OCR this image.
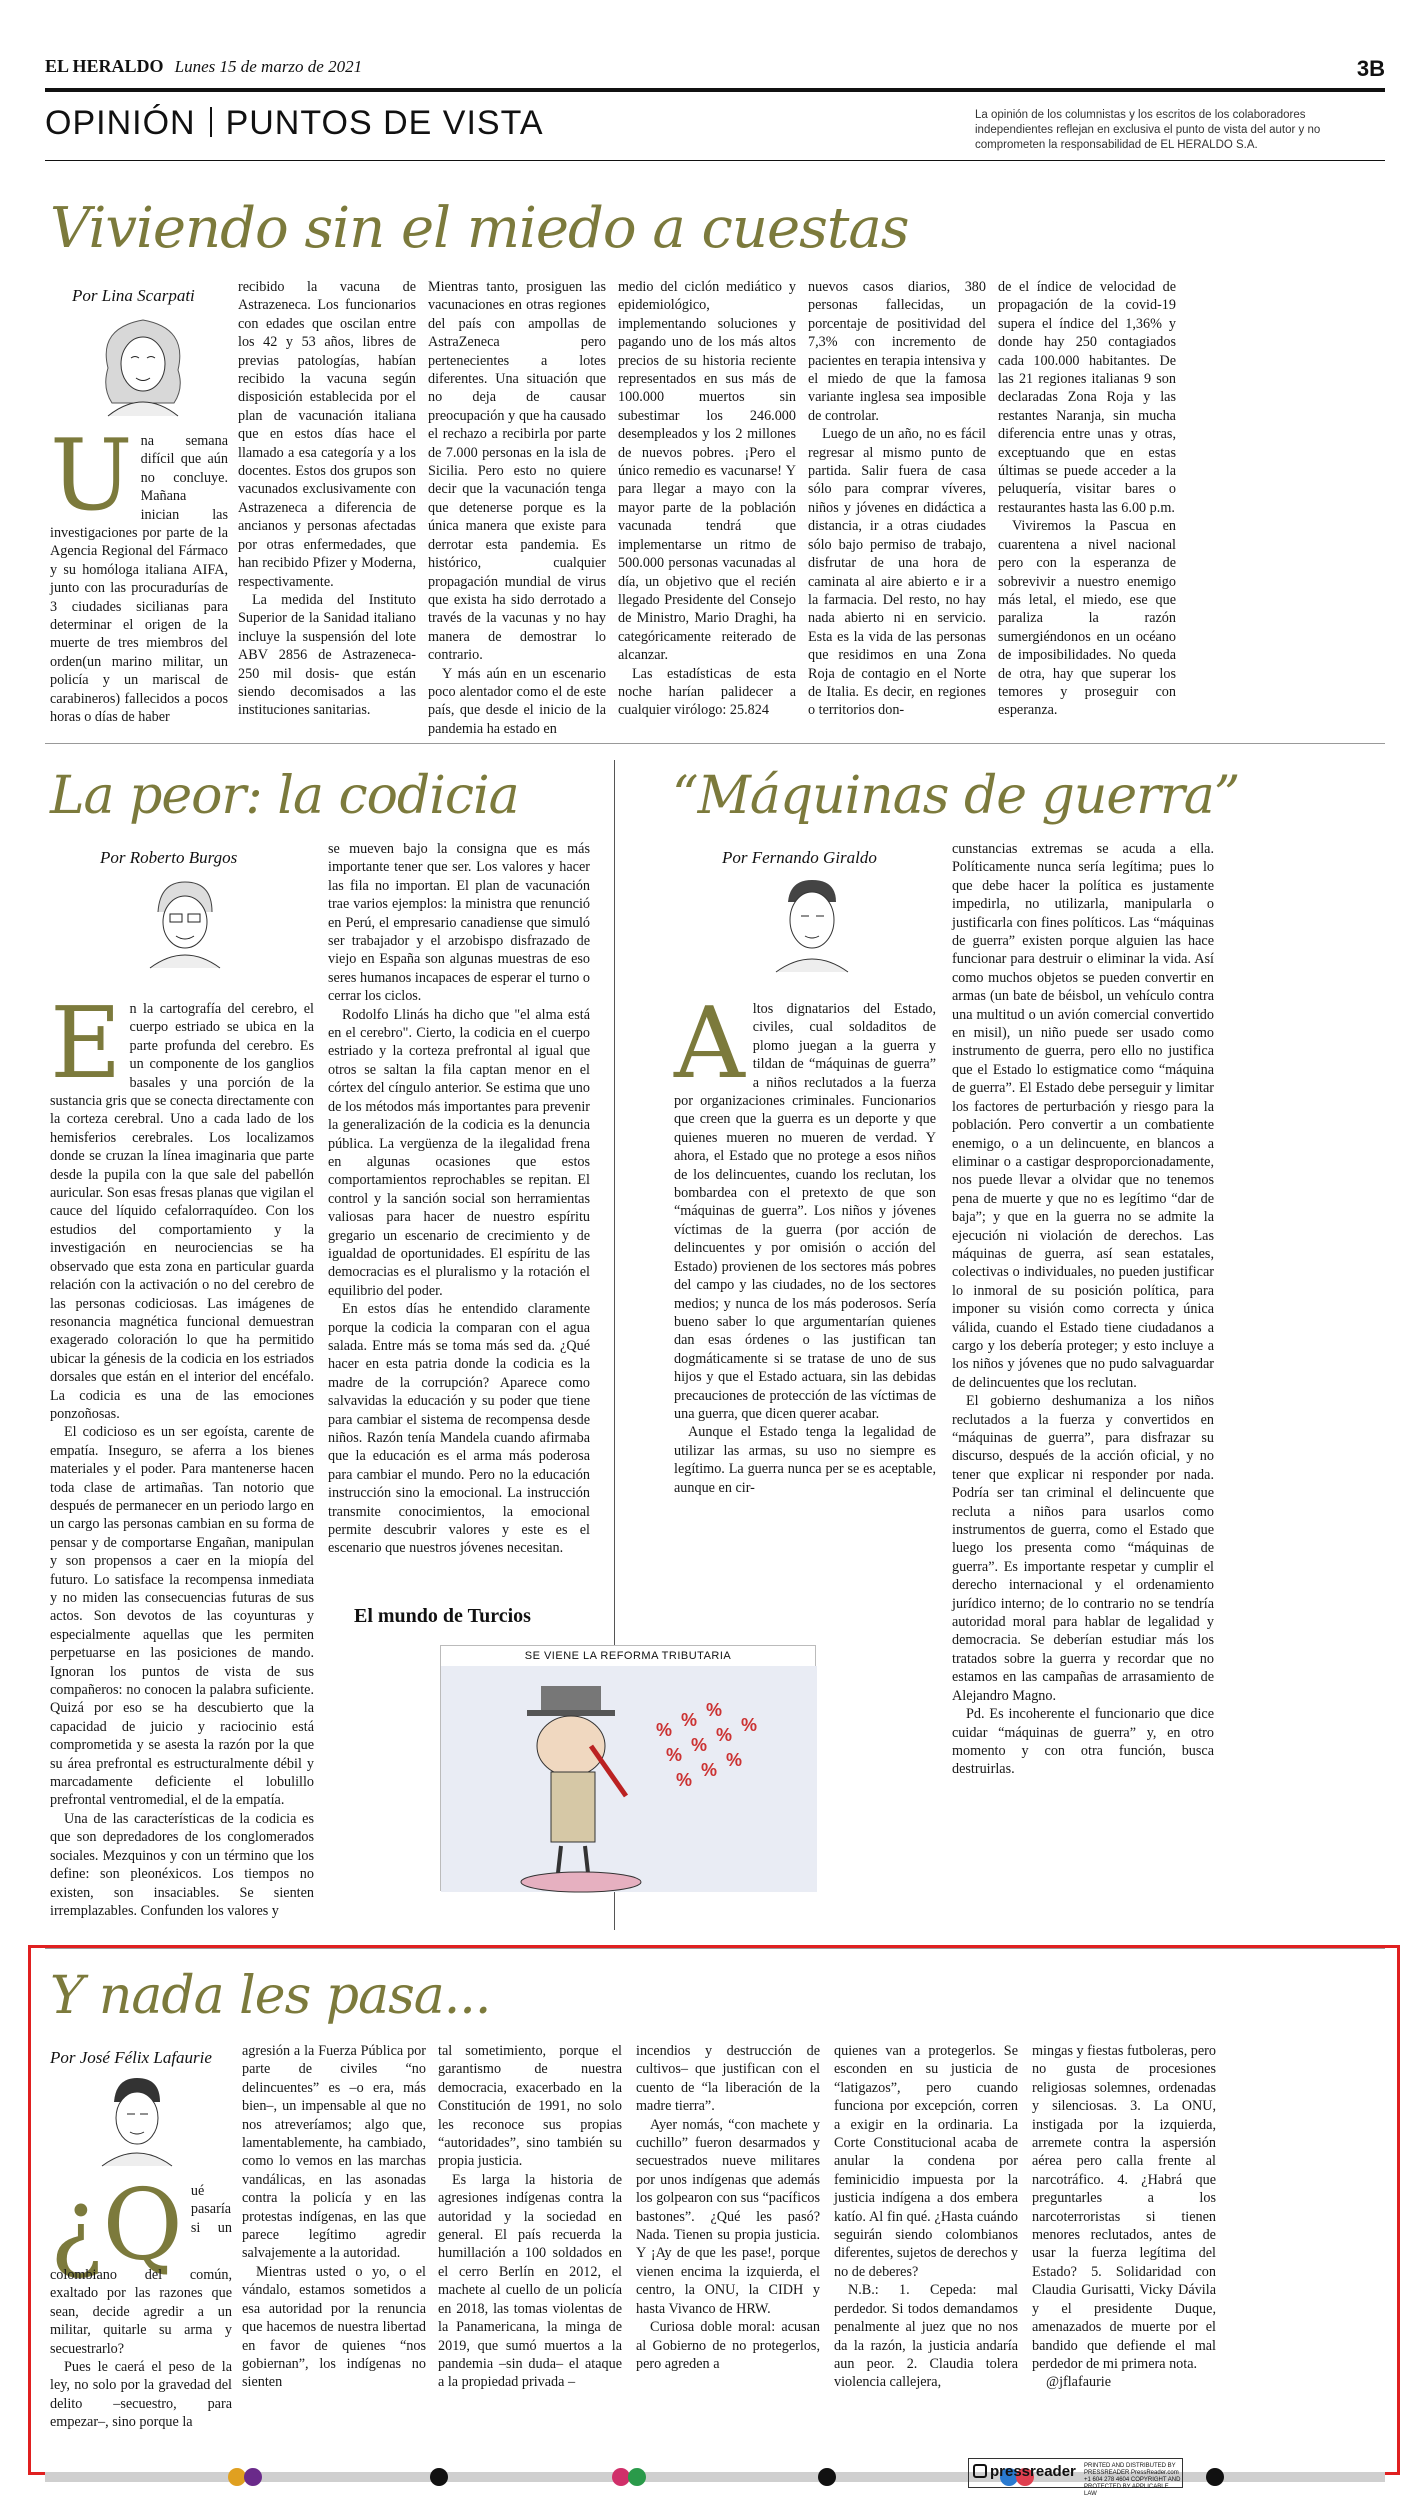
EL HERALDO Lunes 15 de marzo de 2021	3B
OPINIÓN PUNTOS DE VISTA	La opinión de los columnistas y los escritos de los colaboradores independientes reflejan en exclusiva el punto de vista del autor y no comprometen la responsabilidad de EL HERALDO S.A.
Viviendo sin el miedo a cuestas
Por Lina Scarpati

Una semana difícil que aún no concluye. Mañana inician las investigaciones por parte de la Agencia Regional del Fármaco y su homóloga italiana AIFA, junto con las procuradurías de 3 ciudades sicilianas para determinar el origen de la muerte de tres miembros del orden(un marino militar, un policía y un mariscal de carabineros) fallecidos a pocos horas o días de haber

recibido la vacuna de Astrazeneca. Los funcionarios con edades que oscilan entre los 42 y 53 años, libres de previas patologías, habían recibido la vacuna según disposición establecida por el plan de vacunación italiana que en estos días hace el llamado a esa categoría y a los docentes. Estos dos grupos son vacunados exclusivamente con Astrazeneca a diferencia de ancianos y personas afectadas por otras enfermedades, que han recibido Pfizer y Moderna, respectivamente.

La medida del Instituto Superior de la Sanidad italiano incluye la suspensión del lote ABV 2856 de Astrazeneca- 250 mil dosis- que están siendo decomisados a las instituciones sanitarias.

Mientras tanto, prosiguen las vacunaciones en otras regiones del país con ampollas de AstraZeneca pero pertenecientes a lotes diferentes. Una situación que no deja de causar preocupación y que ha causado el rechazo a recibirla por parte de 7.000 personas en la isla de Sicilia. Pero esto no quiere decir que la vacunación tenga que detenerse porque es la única manera que existe para derrotar esta pandemia. Es histórico, cualquier propagación mundial de virus que exista ha sido derrotado a través de la vacunas y no hay manera de demostrar lo contrario.

Y más aún en un escenario poco alentador como el de este país, que desde el inicio de la pandemia ha estado en

medio del ciclón mediático y epidemiológico, implementando soluciones y pagando uno de los más altos precios de su historia reciente representados en sus más de 100.000 muertos sin subestimar los 246.000 desempleados y los 2 millones de nuevos pobres. ¡Pero el único remedio es vacunarse! Y para llegar a mayo con la mayor parte de la población vacunada tendrá que implementarse un ritmo de 500.000 personas vacunadas al día, un objetivo que el recién llegado Presidente del Consejo de Ministro, Mario Draghi, ha categóricamente reiterado de alcanzar.

Las estadísticas de esta noche harían palidecer a cualquier virólogo: 25.824

nuevos casos diarios, 380 personas fallecidas, un porcentaje de positividad del 7,3% con incremento de pacientes en terapia intensiva y el miedo de que la famosa variante inglesa sea imposible de controlar.

Luego de un año, no es fácil regresar al mismo punto de partida. Salir fuera de casa sólo para comprar víveres, niños y jóvenes en didáctica a distancia, ir a otras ciudades sólo bajo permiso de trabajo, disfrutar de una hora de caminata al aire abierto e ir a la farmacia. Del resto, no hay nada abierto ni en servicio. Esta es la vida de las personas que residimos en una Zona Roja de contagio en el Norte de Italia. Es decir, en regiones o territorios don-

de el índice de velocidad de propagación de la covid-19 supera el índice del 1,36% y donde hay 250 contagiados cada 100.000 habitantes. De las 21 regiones italianas 9 son declaradas Zona Roja y las restantes Naranja, sin mucha diferencia entre unas y otras, exceptuando que en estas últimas se puede acceder a la peluquería, visitar bares o restaurantes hasta las 6.00 p.m.

Viviremos la Pascua en cuarentena a nivel nacional pero con la esperanza de sobrevivir a nuestro enemigo más letal, el miedo, ese que paraliza la razón sumergiéndonos en un océano de imposibilidades. No queda de otra, hay que superar los temores y proseguir con esperanza.

La peor: la codicia
Por Roberto Burgos

En la cartografía del cerebro, el cuerpo estriado se ubica en la parte profunda del cerebro. Es un componente de los ganglios basales y una porción de la sustancia gris que se conecta directamente con la corteza cerebral. Uno a cada lado de los hemisferios cerebrales. Los localizamos donde se cruzan la línea imaginaria que parte desde la pupila con la que sale del pabellón auricular. Son esas fresas planas que vigilan el cauce del líquido cefalorraquídeo. Con los estudios del comportamiento y la investigación en neurociencias se ha observado que esta zona en particular guarda relación con la activación o no del cerebro de las personas codiciosas. Las imágenes de resonancia magnética funcional demuestran exagerado coloración lo que ha permitido ubicar la génesis de la codicia en los estriados dorsales que están en el interior del encéfalo. La codicia es una de las emociones ponzoñosas.

El codicioso es un ser egoísta, carente de empatía. Inseguro, se aferra a los bienes materiales y el poder. Para mantenerse hacen toda clase de artimañas. Tan notorio que después de permanecer en un periodo largo en un cargo las personas cambian en su forma de pensar y de comportarse Engañan, manipulan y son propensos a caer en la miopía del futuro. Lo satisface la recompensa inmediata y no miden las consecuencias futuras de sus actos. Son devotos de las coyunturas y especialmente aquellas que les permiten perpetuarse en las posiciones de mando. Ignoran los puntos de vista de sus compañeros: no conocen la palabra suficiente. Quizá por eso se ha descubierto que la capacidad de juicio y raciocinio está comprometida y se asesta la razón por la que su área prefrontal es estructuralmente débil y marcadamente deficiente el lobulillo prefrontal ventromedial, el de la empatía.

Una de las características de la codicia es que son depredadores de los conglomerados sociales. Mezquinos y con un término que los define: son pleonéxicos. Los tiempos no existen, son insaciables. Se sienten irremplazables. Confunden los valores y

se mueven bajo la consigna que es más importante tener que ser. Los valores y hacer las fila no importan. El plan de vacunación trae varios ejemplos: la ministra que renunció en Perú, el empresario canadiense que simuló ser trabajador y el arzobispo disfrazado de viejo en España son algunas muestras de eso seres humanos incapaces de esperar el turno o cerrar los ciclos.

Rodolfo Llinás ha dicho que "el alma está en el cerebro". Cierto, la codicia en el cuerpo estriado y la corteza prefrontal al igual que otros se saltan la fila captan menor en el córtex del cíngulo anterior. Se estima que uno de los métodos más importantes para prevenir la generalización de la codicia es la denuncia pública. La vergüenza de la ilegalidad frena en algunas ocasiones que estos comportamientos reprochables se repitan. El control y la sanción social son herramientas valiosas para hacer de nuestro espíritu gregario un escenario de crecimiento y de igualdad de oportunidades. El espíritu de las democracias es el pluralismo y la rotación el equilibrio del poder.

En estos días he entendido claramente porque la codicia la comparan con el agua salada. Entre más se toma más sed da. ¿Qué hacer en esta patria donde la codicia es la madre de la corrupción? Aparece como salvavidas la educación y su poder que tiene para cambiar el sistema de recompensa desde niños. Razón tenía Mandela cuando afirmaba que la educación es el arma más poderosa para cambiar el mundo. Pero no la educación instrucción sino la emocional. La instrucción transmite conocimientos, la emocional permite descubrir valores y este es el escenario que nuestros jóvenes necesitan.

El mundo de Turcios
SE VIENE LA REFORMA TRIBUTARIA
% % %
% % % %
% % %
“Máquinas de guerra”
Por Fernando Giraldo

Altos dignatarios del Estado, civiles, cual soldaditos de plomo juegan a la guerra y tildan de “máquinas de guerra” a niños reclutados a la fuerza por organizaciones criminales. Funcionarios que creen que la guerra es un deporte y que quienes mueren no mueren de verdad. Y ahora, el Estado que no protege a esos niños de los delincuentes, cuando los reclutan, los bombardea con el pretexto de que son “máquinas de guerra”. Los niños y jóvenes víctimas de la guerra (por acción de delincuentes y por omisión o acción del Estado) provienen de los sectores más pobres del campo y las ciudades, no de los sectores medios; y nunca de los más poderosos. Sería bueno saber lo que argumentarían quienes dan esas órdenes o las justifican tan dogmáticamente si se tratase de uno de sus hijos y que el Estado actuara, sin las debidas precauciones de protección de las víctimas de una guerra, que dicen querer acabar.

Aunque el Estado tenga la legalidad de utilizar las armas, su uso no siempre es legítimo. La guerra nunca per se es aceptable, aunque en cir-

cunstancias extremas se acuda a ella. Políticamente nunca sería legítima; pues lo que debe hacer la política es justamente impedirla, no utilizarla, manipularla o justificarla con fines políticos. Las “máquinas de guerra” existen porque alguien las hace funcionar para destruir o eliminar la vida. Así como muchos objetos se pueden convertir en armas (un bate de béisbol, un vehículo contra una multitud o un avión comercial convertido en misil), un niño puede ser usado como instrumento de guerra, pero ello no justifica que el Estado lo estigmatice como “máquina de guerra”. El Estado debe perseguir y limitar los factores de perturbación y riesgo para la población. Pero convertir a un combatiente enemigo, o a un delincuente, en blancos a eliminar o a castigar desproporcionadamente, nos puede llevar a olvidar que no tenemos pena de muerte y que no es legítimo “dar de baja”; y que en la guerra no se admite la ejecución ni violación de derechos. Las máquinas de guerra, así sean estatales, colectivas o individuales, no pueden justificar lo inmoral de su posición política, para imponer su visión como correcta y única válida, cuando el Estado tiene ciudadanos a cargo y los debería proteger; y esto incluye a los niños y jóvenes que no pudo salvaguardar de delincuentes que los reclutan.

El gobierno deshumaniza a los niños reclutados a la fuerza y convertidos en “máquinas de guerra”, para disfrazar su discurso, después de la acción oficial, y no tener que explicar ni responder por nada. Podría ser tan criminal el delincuente que recluta a niños para usarlos como instrumentos de guerra, como el Estado que luego los presenta como “máquinas de guerra”. Es importante respetar y cumplir el derecho internacional y el ordenamiento jurídico interno; de lo contrario no se tendría autoridad moral para hablar de legalidad y democracia. Se deberían estudiar más los tratados sobre la guerra y recordar que no estamos en las campañas de arrasamiento de Alejandro Magno.

Pd. Es incoherente el funcionario que dice cuidar “máquinas de guerra” y, en otro momento y con otra función, busca destruirlas.

Y nada les pasa...
Por José Félix Lafaurie

¿Qué pasaría si un colombiano del común, exaltado por las razones que sean, decide agredir a un militar, quitarle su arma y secuestrarlo?

Pues le caerá el peso de la ley, no solo por la gravedad del delito –secuestro, para empezar–, sino porque la

agresión a la Fuerza Pública por parte de civiles “no delincuentes” es –o era, más bien–, un impensable al que no nos atreveríamos; algo que, lamentablemente, ha cambiado, como lo vemos en las marchas vandálicas, en las asonadas contra la policía y en las protestas indígenas, en las que parece legítimo agredir salvajemente a la autoridad.

Mientras usted o yo, o el vándalo, estamos sometidos a esa autoridad por la renuncia que hacemos de nuestra libertad en favor de quienes “nos gobiernan”, los indígenas no sienten

tal sometimiento, porque el garantismo de nuestra democracia, exacerbado en la Constitución de 1991, no solo les reconoce sus propias “autoridades”, sino también su propia justicia.

Es larga la historia de agresiones indígenas contra la autoridad y la sociedad en general. El país recuerda la humillación a 100 soldados en el cerro Berlín en 2012, el machete al cuello de un policía en 2018, las tomas violentas de la Panamericana, la minga de 2019, que sumó muertos a la pandemia –sin duda– el ataque a la propiedad privada –

incendios y destrucción de cultivos– que justifican con el cuento de “la liberación de la madre tierra”.

Ayer nomás, “con machete y cuchillo” fueron desarmados y secuestrados nueve militares por unos indígenas que además los golpearon con sus “pacíficos bastones”. ¿Qué les pasó? Nada. Tienen su propia justicia. Y ¡Ay de que les pase!, porque vienen encima la izquierda, el centro, la ONU, la CIDH y hasta Vivanco de HRW.

Curiosa doble moral: acusan al Gobierno de no protegerlos, pero agreden a

quienes van a protegerlos. Se esconden en su justicia de “latigazos”, pero cuando funciona por excepción, corren a exigir en la ordinaria. La Corte Constitucional acaba de anular la condena por feminicidio impuesta por la justicia indígena a dos embera katío. Al fin qué. ¿Hasta cuándo seguirán siendo colombianos diferentes, sujetos de derechos y no de deberes?

N.B.: 1. Cepeda: mal perdedor. Si todos demandamos penalmente al juez que no nos da la razón, la justicia andaría aun peor. 2. Claudia tolera violencia callejera,

mingas y fiestas futboleras, pero no gusta de procesiones religiosas solemnes, ordenadas y silenciosas. 3. La ONU, instigada por la izquierda, arremete contra la aspersión aérea pero calla frente al narcotráfico. 4. ¿Habrá que preguntarles a los narcoterroristas si tienen menores reclutados, antes de usar la fuerza legítima del Estado? 5. Solidaridad con Claudia Gurisatti, Vicky Dávila y el presidente Duque, amenazados de muerte por el bandido que defiende el mal perdedor de mi primera nota.

@jflafaurie

pressreader PRINTED AND DISTRIBUTED BY PRESSREADER PressReader.com +1 604 278 4604 COPYRIGHT AND PROTECTED BY APPLICABLE LAW
